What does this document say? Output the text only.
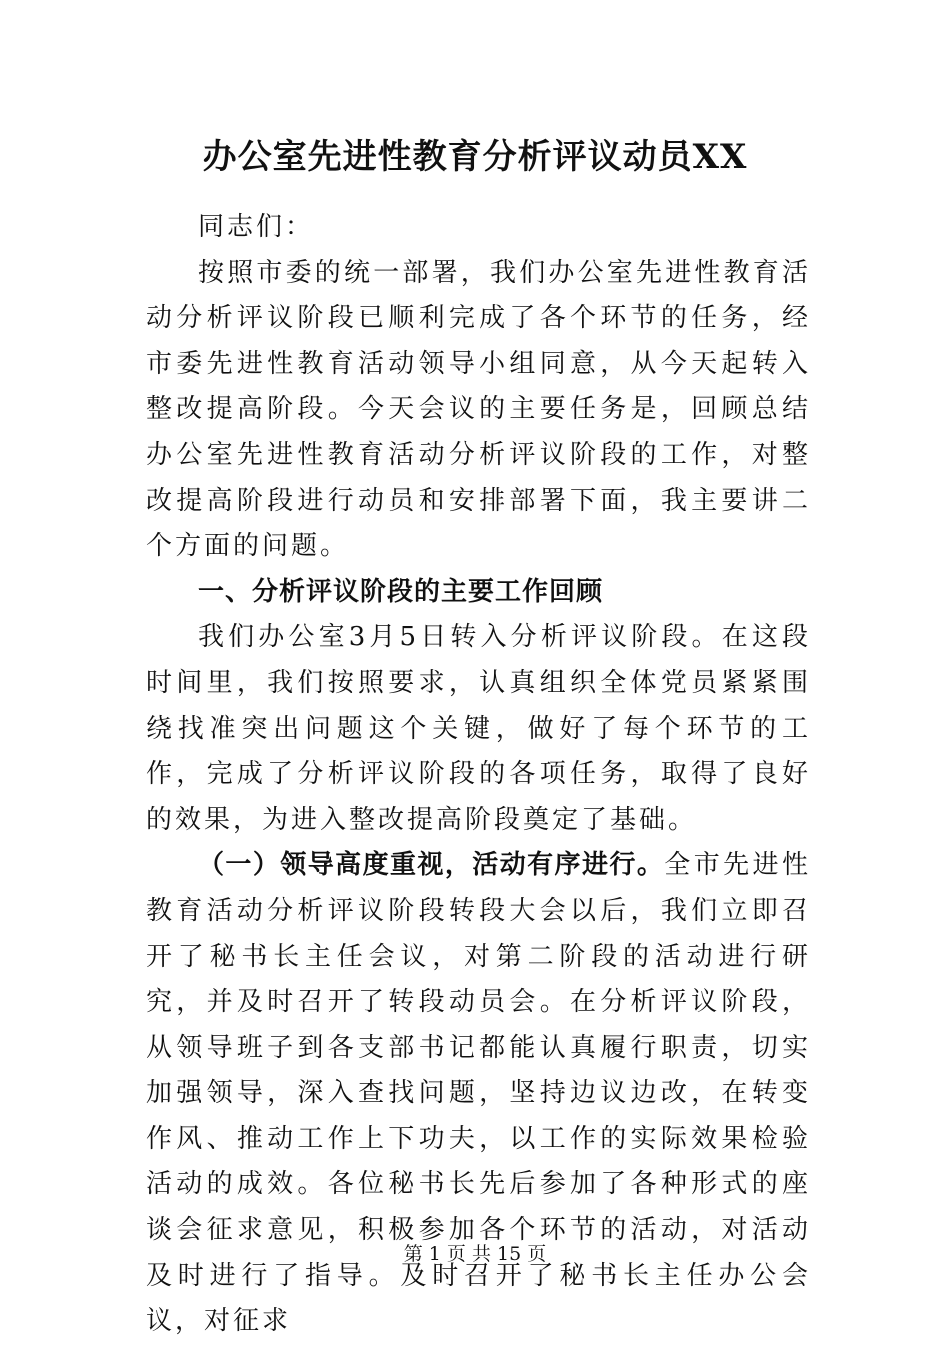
办公室先进性教育分析评议动员XX

同志们：

按照市委的统一部署，我们办公室先进性教育活动分析评议阶段已顺利完成了各个环节的任务，经市委先进性教育活动领导小组同意，从今天起转入整改提高阶段。今天会议的主要任务是，回顾总结办公室先进性教育活动分析评议阶段的工作，对整改提高阶段进行动员和安排部署下面，我主要讲二个方面的问题。

一、分析评议阶段的主要工作回顾

我们办公室3月5日转入分析评议阶段。在这段时间里，我们按照要求，认真组织全体党员紧紧围绕找准突出问题这个关键，做好了每个环节的工作，完成了分析评议阶段的各项任务，取得了良好的效果，为进入整改提高阶段奠定了基础。

（一）领导高度重视，活动有序进行。全市先进性教育活动分析评议阶段转段大会以后，我们立即召开了秘书长主任会议，对第二阶段的活动进行研究，并及时召开了转段动员会。在分析评议阶段，从领导班子到各支部书记都能认真履行职责，切实加强领导，深入查找问题，坚持边议边改，在转变作风、推动工作上下功夫，以工作的实际效果检验活动的成效。各位秘书长先后参加了各种形式的座谈会征求意见，积极参加各个环节的活动，对活动及时进行了指导。及时召开了秘书长主任办公会议，对征求

第 1 页 共 15 页
